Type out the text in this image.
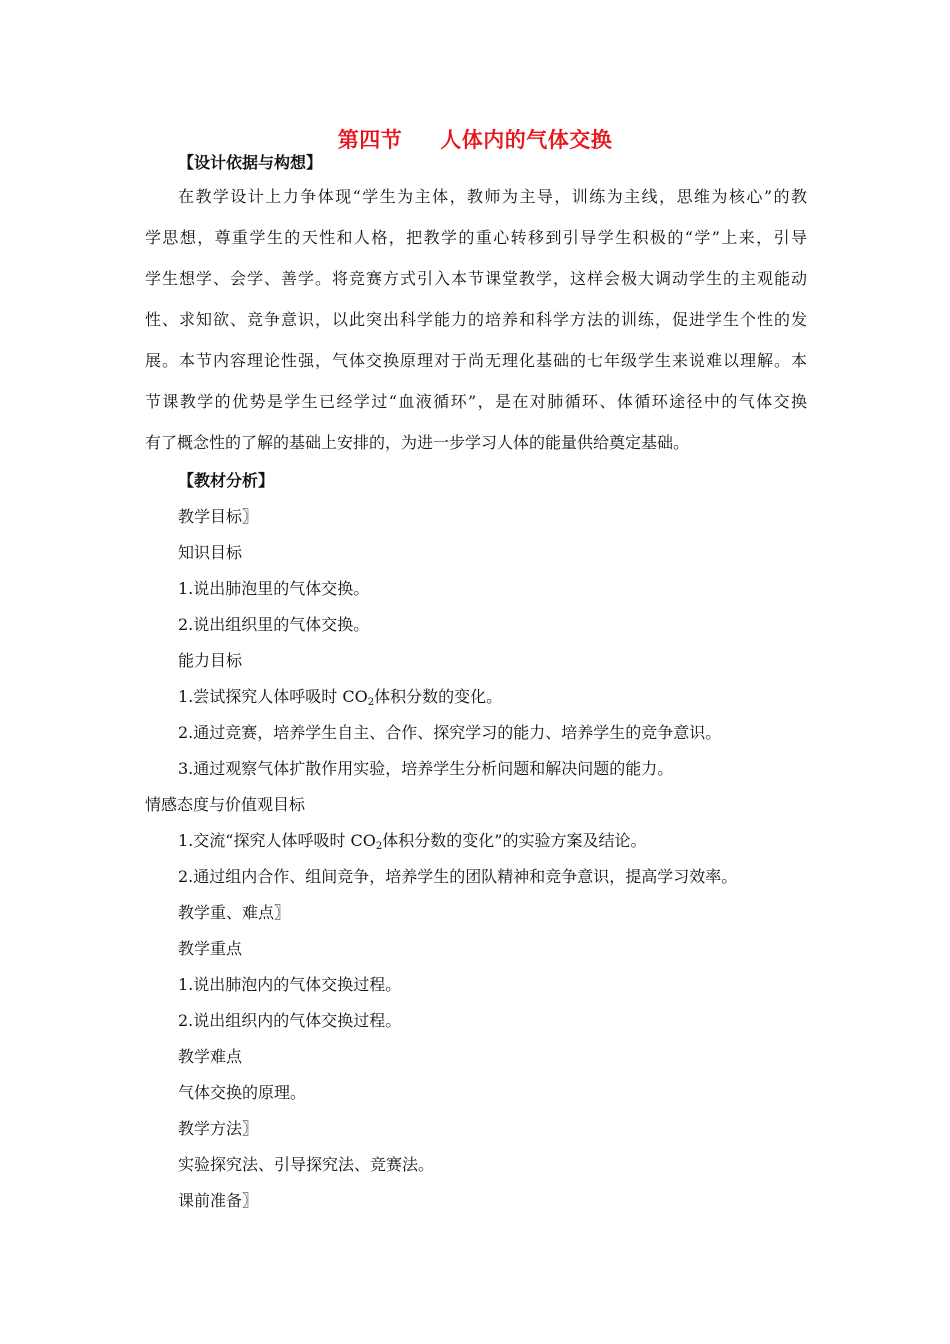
第四节 人体内的气体交换
【设计依据与构想】
在教学设计上力争体现“学生为主体，教师为主导，训练为主线，思维为核心”的教
学思想，尊重学生的天性和人格，把教学的重心转移到引导学生积极的“学”上来，引导
学生想学、会学、善学。将竞赛方式引入本节课堂教学，这样会极大调动学生的主观能动
性、求知欲、竞争意识，以此突出科学能力的培养和科学方法的训练，促进学生个性的发
展。本节内容理论性强，气体交换原理对于尚无理化基础的七年级学生来说难以理解。本
节课教学的优势是学生已经学过“血液循环”，是在对肺循环、体循环途径中的气体交换
有了概念性的了解的基础上安排的，为进一步学习人体的能量供给奠定基础。
【教材分析】
教学目标〗
知识目标
1.说出肺泡里的气体交换。
2.说出组织里的气体交换。
能力目标
1.尝试探究人体呼吸时 $CO_2$体积分数的变化。
2.通过竞赛，培养学生自主、合作、探究学习的能力、培养学生的竞争意识。
3.通过观察气体扩散作用实验，培养学生分析问题和解决问题的能力。
情感态度与价值观目标
1.交流“探究人体呼吸时 $CO_2$体积分数的变化”的实验方案及结论。
2.通过组内合作、组间竞争，培养学生的团队精神和竞争意识，提高学习效率。
教学重、难点〗
教学重点
1.说出肺泡内的气体交换过程。
2.说出组织内的气体交换过程。
教学难点
气体交换的原理。
教学方法〗
实验探究法、引导探究法、竞赛法。
课前准备〗
